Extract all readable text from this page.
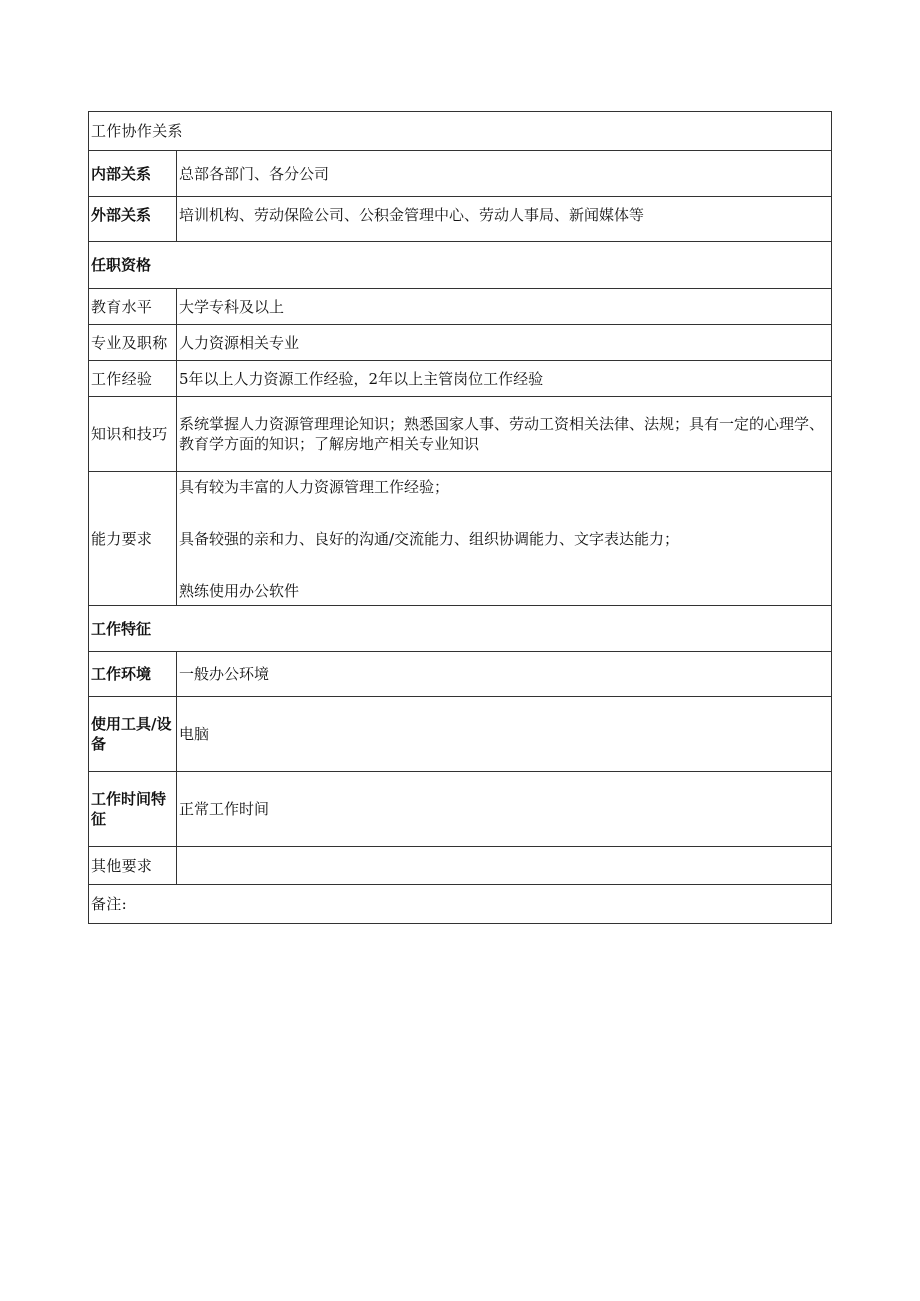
工作协作关系	
内部关系	总部各部门、各分公司
外部关系	培训机构、劳动保险公司、公积金管理中心、劳动人事局、新闻媒体等
任职资格	
教育水平	大学专科及以上
专业及职称	人力资源相关专业
工作经验	5年以上人力资源工作经验，2年以上主管岗位工作经验
知识和技巧	系统掌握人力资源管理理论知识；熟悉国家人事、劳动工资相关法律、法规；具有一定的心理学、教育学方面的知识；了解房地产相关专业知识
能力要求	具有较为丰富的人力资源管理工作经验；

具备较强的亲和力、良好的沟通/交流能力、组织协调能力、文字表达能力；

熟练使用办公软件

工作特征	
工作环境	一般办公环境
使用工具/设备	电脑
工作时间特征	正常工作时间
其他要求	
备注:	
